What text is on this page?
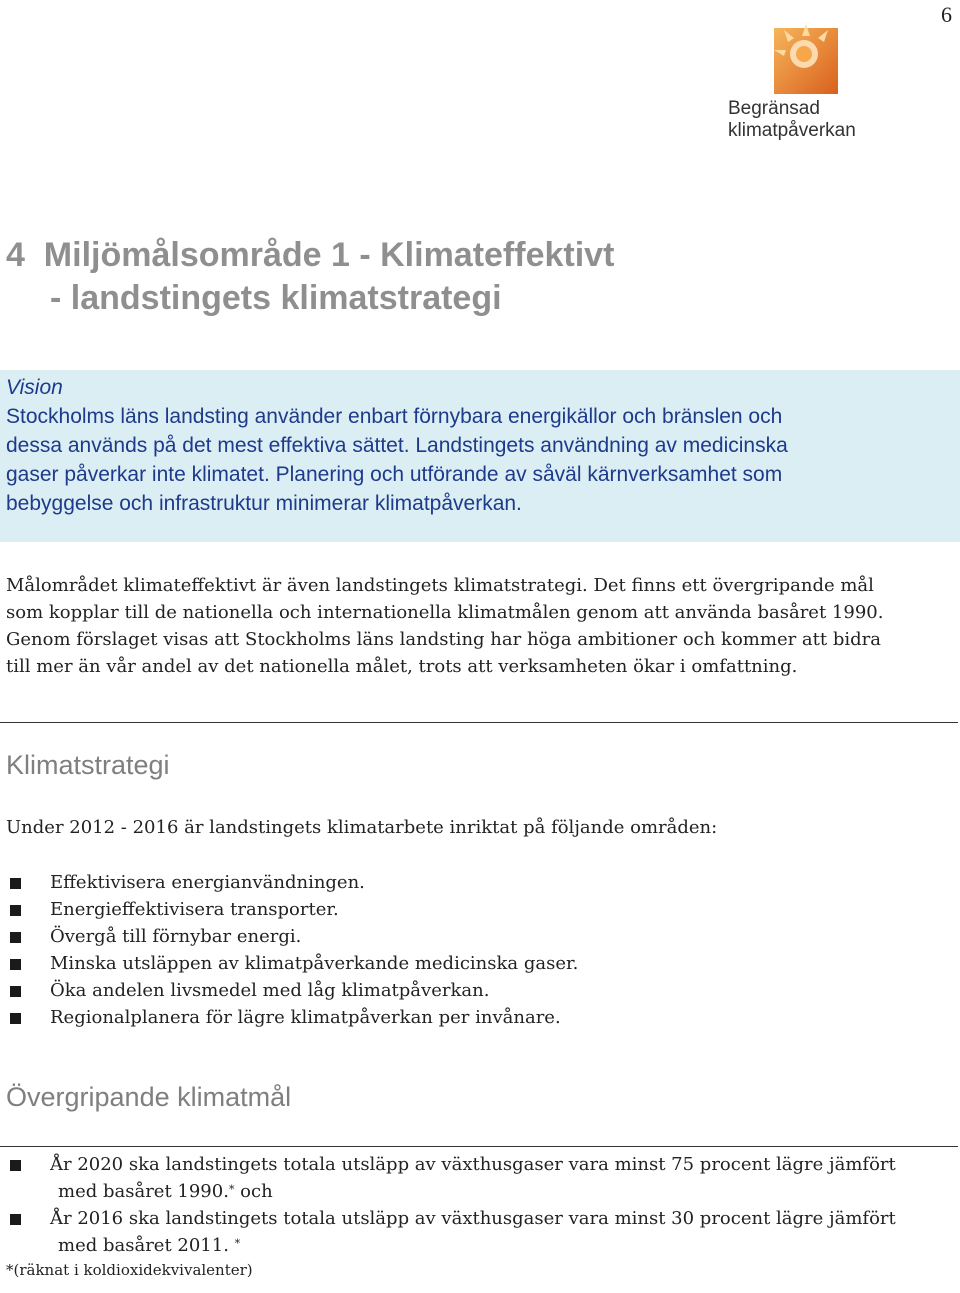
6
Begränsad
klimatpåverkan
4  Miljömålsområde 1 - Klimateffektivt
- landstingets klimatstrategi
Vision
Stockholms läns landsting använder enbart förnybara energikällor och bränslen och
dessa används på det mest effektiva sättet. Landstingets användning av medicinska
gaser påverkar inte klimatet. Planering och utförande av såväl kärnverksamhet som
bebyggelse och infrastruktur minimerar klimatpåverkan.

Målområdet klimateffektivt är även landstingets klimatstrategi. Det finns ett övergripande mål
som kopplar till de nationella och internationella klimatmålen genom att använda basåret 1990.
Genom förslaget visas att Stockholms läns landsting har höga ambitioner och kommer att bidra
till mer än vår andel av det nationella målet, trots att verksamheten ökar i omfattning.

Klimatstrategi

Under 2012 - 2016 är landstingets klimatarbete inriktat på följande områden:

Effektivisera energianvändningen.
Energieffektivisera transporter.
Övergå till förnybar energi.
Minska utsläppen av klimatpåverkande medicinska gaser.
Öka andelen livsmedel med låg klimatpåverkan.
Regionalplanera för lägre klimatpåverkan per invånare.
Övergripande klimatmål
År 2020 ska landstingets totala utsläpp av växthusgaser vara minst 75 procent lägre jämfört
med basåret 1990.* och
År 2016 ska landstingets totala utsläpp av växthusgaser vara minst 30 procent lägre jämfört
med basåret 2011. *
*(räknat i koldioxidekvivalenter)
